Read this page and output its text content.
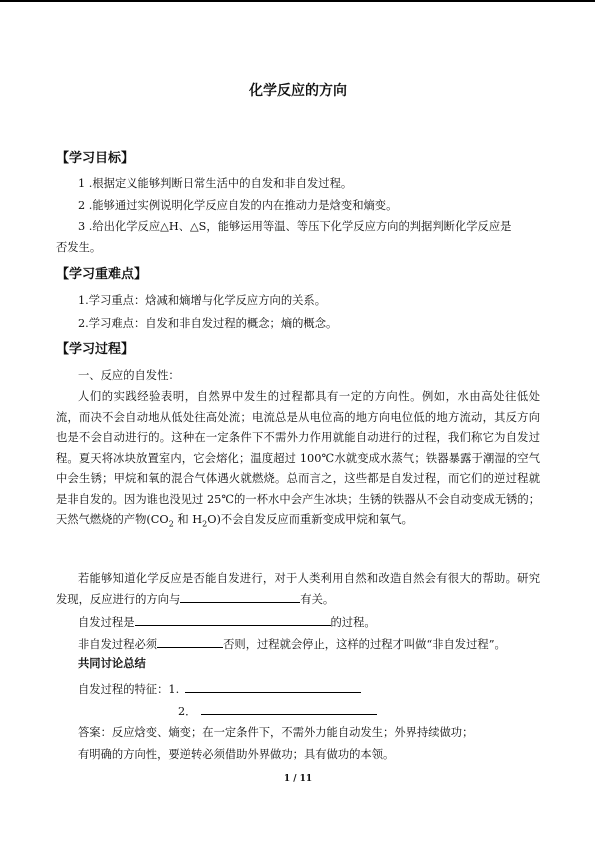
化学反应的方向
【学习目标】
1 .根据定义能够判断日常生活中的自发和非自发过程。
2 .能够通过实例说明化学反应自发的内在推动力是焓变和熵变。
3 .给出化学反应△H、△S，能够运用等温、等压下化学反应方向的判据判断化学反应是
否发生。
【学习重难点】
1.学习重点：焓减和熵增与化学反应方向的关系。
2.学习难点：自发和非自发过程的概念；熵的概念。
【学习过程】
一、反应的自发性：
人们的实践经验表明，自然界中发生的过程都具有一定的方向性。例如，水由高处往低处流，而决不会自动地从低处往高处流；电流总是从电位高的地方向电位低的地方流动，其反方向也是不会自动进行的。这种在一定条件下不需外力作用就能自动进行的过程，我们称它为自发过程。夏天将冰块放置室内，它会熔化；温度超过 100℃水就变成水蒸气；铁器暴露于潮湿的空气中会生锈；甲烷和氧的混合气体遇火就燃烧。总而言之，这些都是自发过程，而它们的逆过程就是非自发的。因为谁也没见过 25℃的一杯水中会产生冰块；生锈的铁器从不会自动变成无锈的；天然气燃烧的产物($CO_2$ 和 $H_2O$)不会自发反应而重新变成甲烷和氧气。
若能够知道化学反应是否能自发进行，对于人类利用自然和改造自然会有很大的帮助。研究发现，反应进行的方向与	有关。
自发过程是	的过程。
非自发过程必须	否则，过程就会停止，这样的过程才叫做“非自发过程”。
共同讨论总结
自发过程的特征：1.
2．
答案：反应焓变、熵变；在一定条件下，不需外力能自动发生；外界持续做功；
有明确的方向性，要逆转必须借助外界做功；具有做功的本领。
1 / 11
